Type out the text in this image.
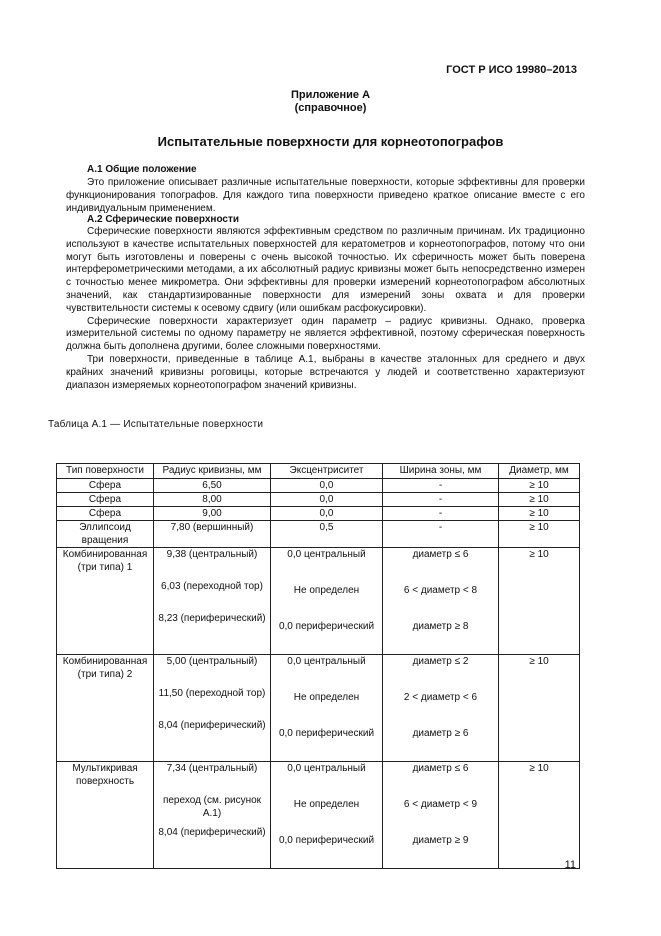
ГОСТ Р ИСО 19980–2013
Приложение А
(справочное)
Испытательные поверхности для корнеотопографов
А.1 Общие положение

Это приложение описывает различные испытательные поверхности, которые эффективны для проверки функционирования топографов. Для каждого типа поверхности приведено краткое описание вместе с его индивидуальным применением.

А.2 Сферические поверхности

Сферические поверхности являются эффективным средством по различным причинам. Их традиционно используют в качестве испытательных поверхностей для кератометров и корнеотопографов, потому что они могут быть изготовлены и поверены с очень высокой точностью. Их сферичность может быть поверена интерферометрическими методами, а их абсолютный радиус кривизны может быть непосредственно измерен с точностью менее микрометра. Они эффективны для проверки измерений корнеотопографом абсолютных значений, как стандартизированные поверхности для измерений зоны охвата и для проверки чувствительности системы к осевому сдвигу (или ошибкам расфокусировки).

Сферические поверхности характеризует один параметр – радиус кривизны. Однако, проверка измерительной системы по одному параметру не является эффективной, поэтому сферическая поверхность должна быть дополнена другими, более сложными поверхностями.

Три поверхности, приведенные в таблице А.1, выбраны в качестве эталонных для среднего и двух крайних значений кривизны роговицы, которые встречаются у людей и соответственно характеризуют диапазон измеряемых корнеотопографом значений кривизны.

Таблица А.1 — Испытательные поверхности
Тип поверхности	Радиус кривизны, мм	Эксцентриситет	Ширина зоны, мм	Диаметр, мм
Сфера	6,50	0,0	-	≥ 10
Сфера	8,00	0,0	-	≥ 10
Сфера	9,00	0,0	-	≥ 10
Эллипсоид вращения	7,80 (вершинный)	0,5	-	≥ 10
Комбинированная (три типа) 1	9,38 (центральный)
6,03 (переходной тор)
8,23 (периферический)	0,0 центральный
Не определен
0,0 периферический	диаметр ≤ 6
6 < диаметр < 8
диаметр ≥ 8	≥ 10
Комбинированная (три типа) 2	5,00 (центральный)
11,50 (переходной тор)
8,04 (периферический)	0,0 центральный
Не определен
0,0 периферический	диаметр ≤ 2
2 < диаметр < 6
диаметр ≥ 6	≥ 10
Мультикривая поверхность	7,34 (центральный)
переход (см. рисунок А.1)
8,04 (периферический)	0,0 центральный
Не определен
0,0 периферический	диаметр ≤ 6
6 < диаметр < 9
диаметр ≥ 9	≥ 10
11
